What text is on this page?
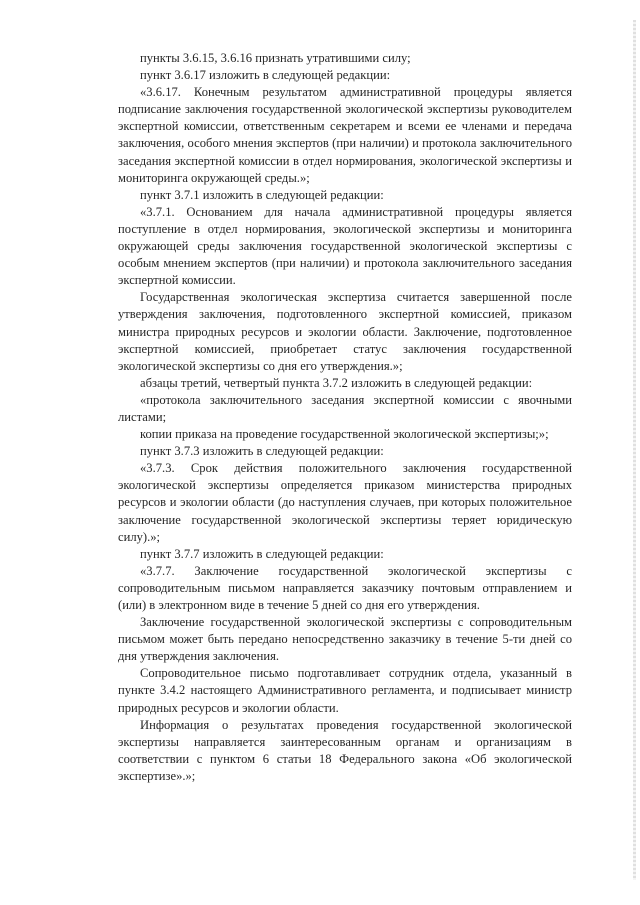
пункты 3.6.15, 3.6.16 признать утратившими силу;

пункт 3.6.17 изложить в следующей редакции:

«3.6.17. Конечным результатом административной процедуры является подписание заключения государственной экологической экспертизы руководителем экспертной комиссии, ответственным секретарем и всеми ее членами и передача заключения, особого мнения экспертов (при наличии) и протокола заключительного заседания экспертной комиссии в отдел нормирования, экологической экспертизы и мониторинга окружающей среды.»;

пункт 3.7.1 изложить в следующей редакции:

«3.7.1. Основанием для начала административной процедуры является поступление в отдел нормирования, экологической экспертизы и мониторинга окружающей среды заключения государственной экологической экспертизы с особым мнением экспертов (при наличии) и протокола заключительного заседания экспертной комиссии.

Государственная экологическая экспертиза считается завершенной после утверждения заключения, подготовленного экспертной комиссией, приказом министра природных ресурсов и экологии области. Заключение, подготовленное экспертной комиссией, приобретает статус заключения государственной экологической экспертизы со дня его утверждения.»;

абзацы третий, четвертый пункта 3.7.2 изложить в следующей редакции:

«протокола заключительного заседания экспертной комиссии с явочными листами;

копии приказа на проведение государственной экологической экспертизы;»;

пункт 3.7.3 изложить в следующей редакции:

«3.7.3. Срок действия положительного заключения государственной экологической экспертизы определяется приказом министерства природных ресурсов и экологии области (до наступления случаев, при которых положительное заключение государственной экологической экспертизы теряет юридическую силу).»;

пункт 3.7.7 изложить в следующей редакции:

«3.7.7. Заключение государственной экологической экспертизы с сопроводительным письмом направляется заказчику почтовым отправлением и (или) в электронном виде в течение 5 дней со дня его утверждения.

Заключение государственной экологической экспертизы с сопроводительным письмом может быть передано непосредственно заказчику в течение 5-ти дней со дня утверждения заключения.

Сопроводительное письмо подготавливает сотрудник отдела, указанный в пункте 3.4.2 настоящего Административного регламента, и подписывает министр природных ресурсов и экологии области.

Информация о результатах проведения государственной экологической экспертизы направляется заинтересованным органам и организациям в соответствии с пунктом 6 статьи 18 Федерального закона «Об экологической экспертизе».»;
